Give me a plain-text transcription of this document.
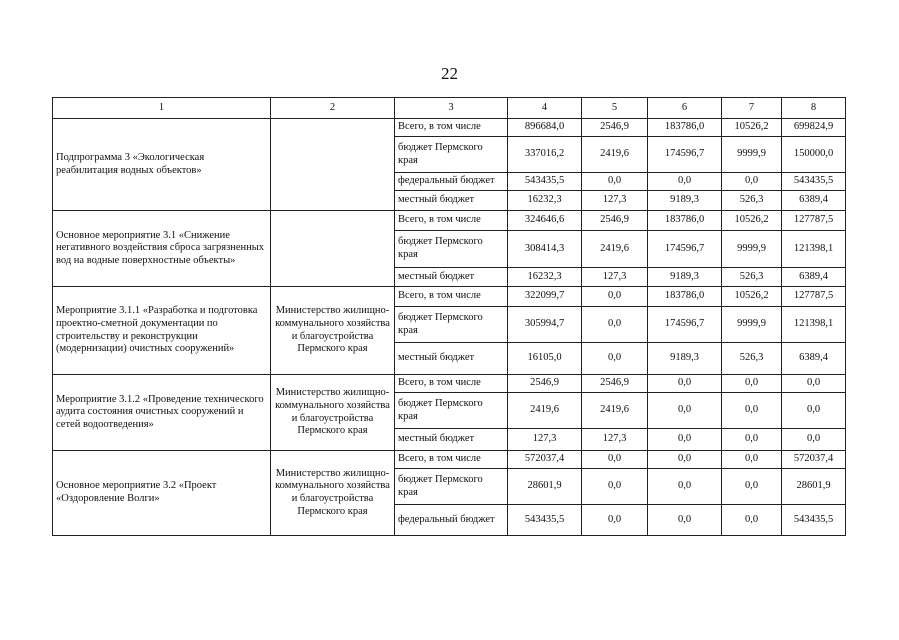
22
1	2	3	4	5	6	7	8
Подпрограмма 3 «Экологическая реабилитация водных объектов»		Всего, в том числе	896684,0	2546,9	183786,0	10526,2	699824,9
		бюджет Пермского края	337016,2	2419,6	174596,7	9999,9	150000,0
		федеральный бюджет	543435,5	0,0	0,0	0,0	543435,5
		местный бюджет	16232,3	127,3	9189,3	526,3	6389,4
Основное мероприятие 3.1 «Снижение негативного воздействия сброса загрязненных вод на водные поверхностные объекты»		Всего, в том числе	324646,6	2546,9	183786,0	10526,2	127787,5
		бюджет Пермского края	308414,3	2419,6	174596,7	9999,9	121398,1
		местный бюджет	16232,3	127,3	9189,3	526,3	6389,4
Мероприятие 3.1.1 «Разработка и подготовка проектно-сметной документации по строительству и реконструкции (модернизации) очистных сооружений»	Министерство жилищно-коммунального хозяйства и благоустройства Пермского края	Всего, в том числе	322099,7	0,0	183786,0	10526,2	127787,5
		бюджет Пермского края	305994,7	0,0	174596,7	9999,9	121398,1
		местный бюджет	16105,0	0,0	9189,3	526,3	6389,4
Мероприятие 3.1.2 «Проведение технического аудита состояния очистных сооружений и сетей водоотведения»	Министерство жилищно-коммунального хозяйства и благоустройства Пермского края	Всего, в том числе	2546,9	2546,9	0,0	0,0	0,0
		бюджет Пермского края	2419,6	2419,6	0,0	0,0	0,0
		местный бюджет	127,3	127,3	0,0	0,0	0,0
Основное мероприятие 3.2 «Проект «Оздоровление Волги»	Министерство жилищно-коммунального хозяйства и благоустройства Пермского края	Всего, в том числе	572037,4	0,0	0,0	0,0	572037,4
		бюджет Пермского края	28601,9	0,0	0,0	0,0	28601,9
		федеральный бюджет	543435,5	0,0	0,0	0,0	543435,5
